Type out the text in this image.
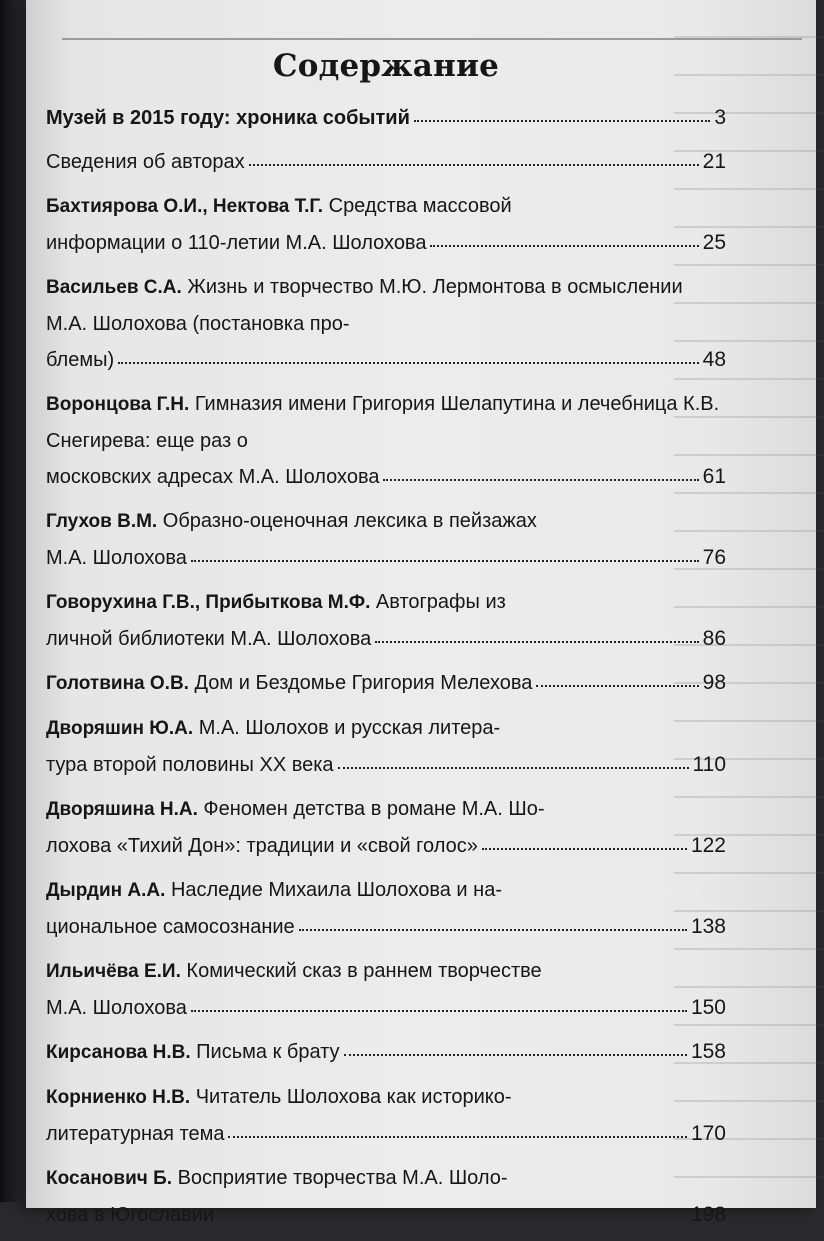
Содержание
Музей в 2015 году: хроника событий	3
Сведения об авторах	21
Бахтиярова О.И., Нектова Т.Г. Средства массовой
информации о 110-летии М.А. Шолохова	25
Васильев С.А. Жизнь и творчество М.Ю. Лермонтова в осмыслении М.А. Шолохова (постановка про-
блемы)	48
Воронцова Г.Н. Гимназия имени Григория Шелапутина и лечебница К.В. Снегирева: еще раз о
московских адресах М.А. Шолохова	61
Глухов В.М. Образно-оценочная лексика в пейзажах
М.А. Шолохова	76
Говорухина Г.В., Прибыткова М.Ф. Автографы из
личной библиотеки М.А. Шолохова	86
Голотвина О.В. Дом и Бездомье Григория Мелехова	98
Дворяшин Ю.А. М.А. Шолохов и русская литера-
тура второй половины XX века	110
Дворяшина Н.А. Феномен детства в романе М.А. Шо-
лохова «Тихий Дон»: традиции и «свой голос»	122
Дырдин А.А. Наследие Михаила Шолохова и на-
циональное самосознание	138
Ильичёва Е.И. Комический сказ в раннем творчестве
М.А. Шолохова	150
Кирсанова Н.В. Письма к брату	158
Корниенко Н.В. Читатель Шолохова как историко-
литературная тема	170
Косанович Б. Восприятие творчества М.А. Шоло-
хова в Югославии	198
